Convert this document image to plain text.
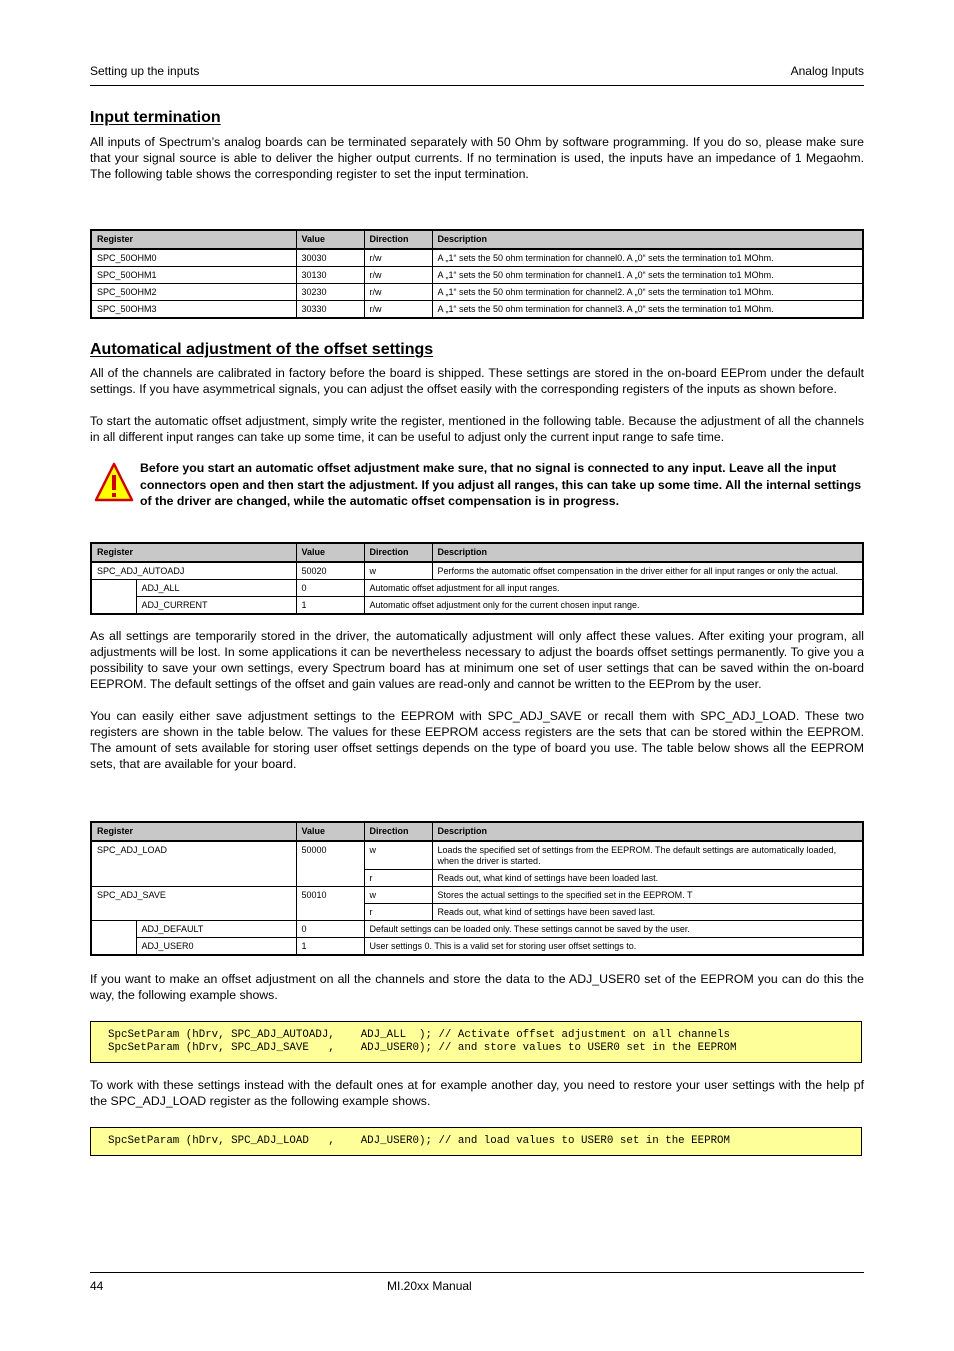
Setting up the inputs	Analog Inputs
Input termination

All inputs of Spectrum’s analog boards can be terminated separately with 50 Ohm by software programming. If you do so, please make sure that your signal source is able to deliver the higher output currents. If no termination is used, the inputs have an impedance of 1 Megaohm. The following table shows the corresponding register to set the input termination.

Register	Value	Direction	Description
SPC_50OHM0	30030	r/w	A „1“ sets the 50 ohm termination for channel0. A „0“ sets the termination to1 MOhm.
SPC_50OHM1	30130	r/w	A „1“ sets the 50 ohm termination for channel1. A „0“ sets the termination to1 MOhm.
SPC_50OHM2	30230	r/w	A „1“ sets the 50 ohm termination for channel2. A „0“ sets the termination to1 MOhm.
SPC_50OHM3	30330	r/w	A „1“ sets the 50 ohm termination for channel3. A „0“ sets the termination to1 MOhm.
Automatical adjustment of the offset settings

All of the channels are calibrated in factory before the board is shipped. These settings are stored in the on-board EEProm under the default settings. If you have asymmetrical signals, you can adjust the offset easily with the corresponding registers of the inputs as shown before.

To start the automatic offset adjustment, simply write the register, mentioned in the following table. Because the adjustment of all the channels in all different input ranges can take up some time, it can be useful to adjust only the current input range to safe time.

Before you start an automatic offset adjustment make sure, that no signal is connected to any input. Leave all the input connectors open and then start the adjustment. If you adjust all ranges, this can take up some time. All the internal settings of the driver are changed, while the automatic offset compensation is in progress.
Register		Value	Direction	Description
SPC_ADJ_AUTOADJ		50020	w	Performs the automatic offset compensation in the driver either for all input ranges or only the actual.
	ADJ_ALL	0	Automatic offset adjustment for all input ranges.	
	ADJ_CURRENT	1	Automatic offset adjustment only for the current chosen input range.	

As all settings are temporarily stored in the driver, the automatically adjustment will only affect these values. After exiting your program, all adjustments will be lost. In some applications it can be nevertheless necessary to adjust the boards offset settings permanently. To give you a possibility to save your own settings, every Spectrum board has at minimum one set of user settings that can be saved within the on-board EEPROM. The default settings of the offset and gain values are read-only and cannot be written to the EEProm by the user.

You can easily either save adjustment settings to the EEPROM with SPC_ADJ_SAVE or recall them with SPC_ADJ_LOAD. These two registers are shown in the table below. The values for these EEPROM access registers are the sets that can be stored within the EEPROM. The amount of sets available for storing user offset settings depends on the type of board you use. The table below shows all the EEPROM sets, that are available for your board.

Register		Value	Direction	Description
SPC_ADJ_LOAD		50000	w	Loads the specified set of settings from the EEPROM. The default settings are automatically loaded, when the driver is started.
			r	Reads out, what kind of settings have been loaded last.
SPC_ADJ_SAVE		50010	w	Stores the actual settings to the specified set in the EEPROM. T
			r	Reads out, what kind of settings have been saved last.
	ADJ_DEFAULT	0	Default settings can be loaded only. These settings cannot be saved by the user.	
	ADJ_USER0	1	User settings 0. This is a valid set for storing user offset settings to.	

If you want to make an offset adjustment on all the channels and store the data to the ADJ_USER0 set of the EEPROM you can do this the way, the following example shows.

SpcSetParam (hDrv, SPC_ADJ_AUTOADJ,    ADJ_ALL  ); // Activate offset adjustment on all channels
SpcSetParam (hDrv, SPC_ADJ_SAVE   ,    ADJ_USER0); // and store values to USER0 set in the EEPROM

To work with these settings instead with the default ones at for example another day, you need to restore your user settings with the help pf the SPC_ADJ_LOAD register as the following example shows.

SpcSetParam (hDrv, SPC_ADJ_LOAD   ,    ADJ_USER0); // and load values to USER0 set in the EEPROM
44	MI.20xx Manual
